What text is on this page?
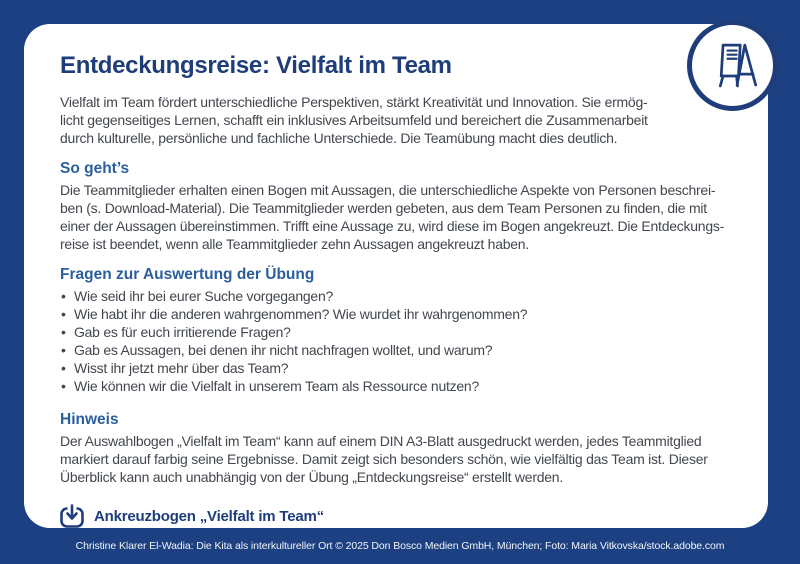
Entdeckungsreise: Vielfalt im Team
Vielfalt im Team fördert unterschiedliche Perspektiven, stärkt Kreativität und Innovation. Sie ermög-
licht gegenseitiges Lernen, schafft ein inklusives Arbeitsumfeld und bereichert die Zusammenarbeit
durch kulturelle, persönliche und fachliche Unterschiede. Die Teamübung macht dies deutlich.
So geht’s
Die Teammitglieder erhalten einen Bogen mit Aussagen, die unterschiedliche Aspekte von Personen beschrei-
ben (s. Download-Material). Die Teammitglieder werden gebeten, aus dem Team Personen zu finden, die mit
einer der Aussagen übereinstimmen. Trifft eine Aussage zu, wird diese im Bogen angekreuzt. Die Entdeckungs-
reise ist beendet, wenn alle Teammitglieder zehn Aussagen angekreuzt haben.
Fragen zur Auswertung der Übung
• Wie seid ihr bei eurer Suche vorgegangen?
• Wie habt ihr die anderen wahrgenommen? Wie wurdet ihr wahrgenommen?
• Gab es für euch irritierende Fragen?
• Gab es Aussagen, bei denen ihr nicht nachfragen wolltet, und warum?
• Wisst ihr jetzt mehr über das Team?
• Wie können wir die Vielfalt in unserem Team als Ressource nutzen?
Hinweis
Der Auswahlbogen „Vielfalt im Team“ kann auf einem DIN A3-Blatt ausgedruckt werden, jedes Teammitglied
markiert darauf farbig seine Ergebnisse. Damit zeigt sich besonders schön, wie vielfältig das Team ist. Dieser
Überblick kann auch unabhängig von der Übung „Entdeckungsreise“ erstellt werden.
Ankreuzbogen „Vielfalt im Team“
Christine Klarer El-Wadia: Die Kita als interkultureller Ort © 2025 Don Bosco Medien GmbH, München; Foto: Maria Vitkovska/stock.adobe.com
